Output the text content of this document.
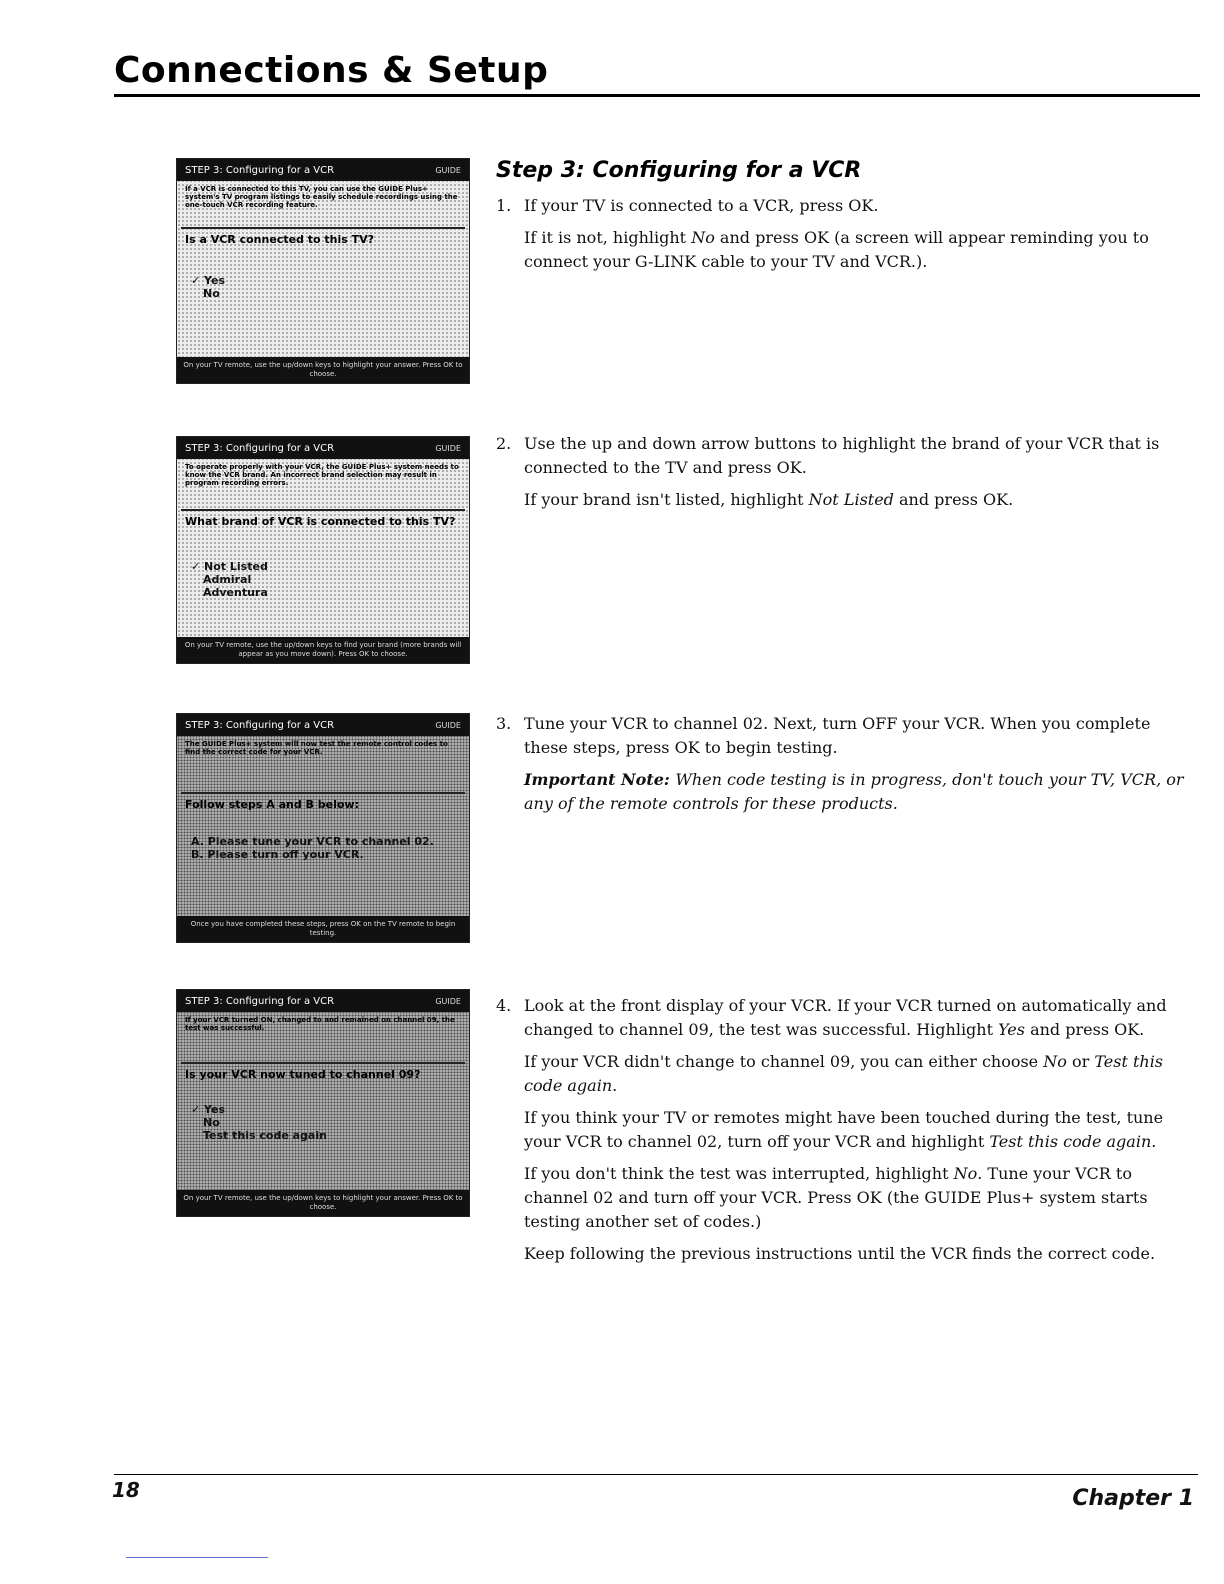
Connections & Setup
STEP 3: Configuring for a VCR	GUIDE
If a VCR is connected to this TV, you can use the GUIDE Plus+ system's TV program listings to easily schedule recordings using the one-touch VCR recording feature.
Is a VCR connected to this TV?
✓ Yes
No
On your TV remote, use the up/down keys to highlight your answer. Press OK to choose.
STEP 3: Configuring for a VCR	GUIDE
To operate properly with your VCR, the GUIDE Plus+ system needs to know the VCR brand. An incorrect brand selection may result in program recording errors.
What brand of VCR is connected to this TV?
✓ Not Listed
Admiral
Adventura
On your TV remote, use the up/down keys to find your brand (more brands will appear as you move down). Press OK to choose.
STEP 3: Configuring for a VCR	GUIDE
The GUIDE Plus+ system will now test the remote control codes to find the correct code for your VCR.
Follow steps A and B below:
A. Please tune your VCR to channel 02.
B. Please turn off your VCR.
Once you have completed these steps, press OK on the TV remote to begin testing.
STEP 3: Configuring for a VCR	GUIDE
If your VCR turned ON, changed to and remained on channel 09, the test was successful.
Is your VCR now tuned to channel 09?
✓ Yes
No
Test this code again
On your TV remote, use the up/down keys to highlight your answer. Press OK to choose.
Step 3: Configuring for a VCR
1. If your TV is connected to a VCR, press OK.

If it is not, highlight No and press OK (a screen will appear reminding you to connect your G-LINK cable to your TV and VCR.).

2. Use the up and down arrow buttons to highlight the brand of your VCR that is connected to the TV and press OK.

If your brand isn't listed, highlight Not Listed and press OK.

3. Tune your VCR to channel 02. Next, turn OFF your VCR. When you complete these steps, press OK to begin testing.

Important Note: When code testing is in progress, don't touch your TV, VCR, or any of the remote controls for these products.

4. Look at the front display of your VCR. If your VCR turned on automatically and changed to channel 09, the test was successful. Highlight Yes and press OK.

If your VCR didn't change to channel 09, you can either choose No or Test this code again.

If you think your TV or remotes might have been touched during the test, tune your VCR to channel 02, turn off your VCR and highlight Test this code again.

If you don't think the test was interrupted, highlight No. Tune your VCR to channel 02 and turn off your VCR. Press OK (the GUIDE Plus+ system starts testing another set of codes.)

Keep following the previous instructions until the VCR finds the correct code.

18	Chapter 1
